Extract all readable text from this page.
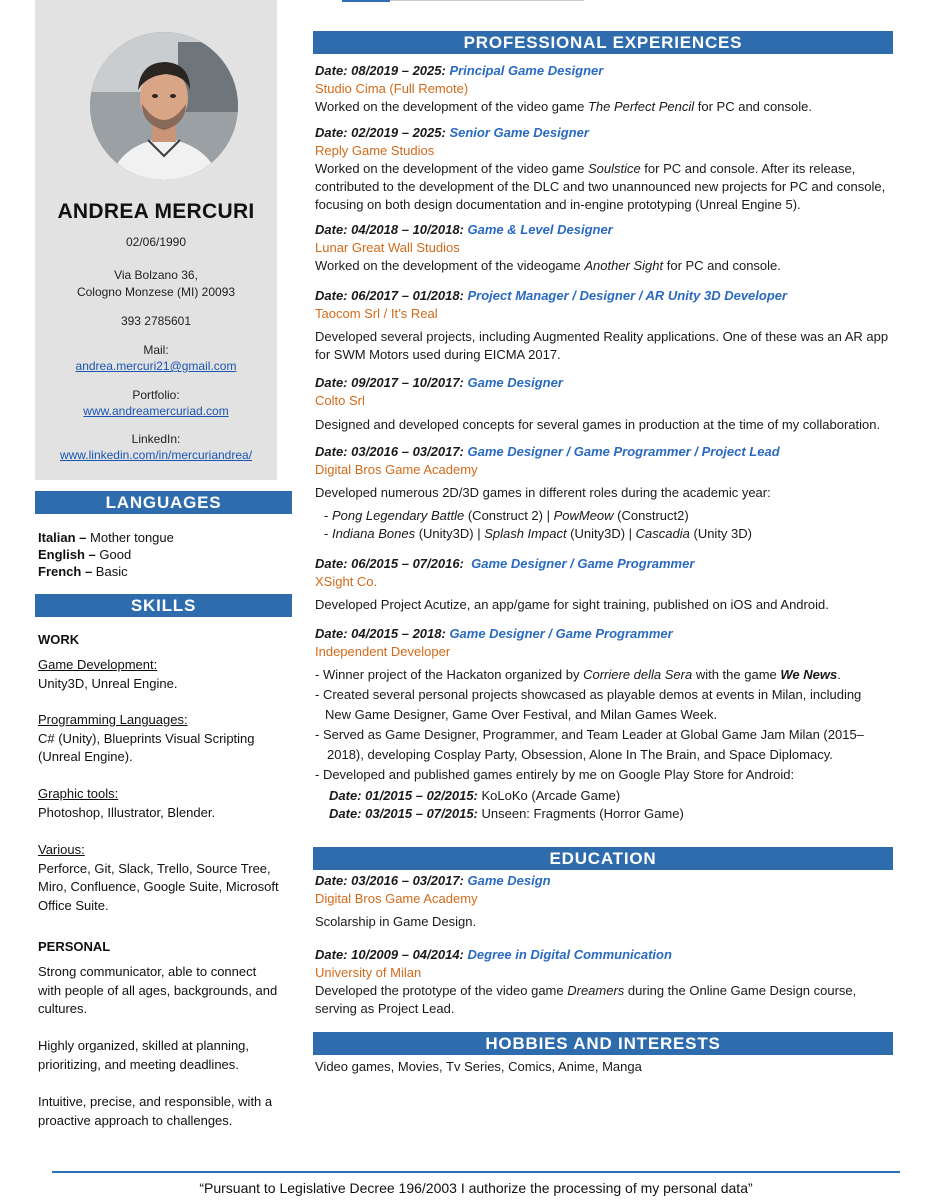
ANDREA MERCURI
02/06/1990
Via Bolzano 36,
Cologno Monzese (MI) 20093
393 2785601
Mail:
andrea.mercuri21@gmail.com
Portfolio:
www.andreamercuriad.com
LinkedIn:
www.linkedin.com/in/mercuriandrea/
LANGUAGES
Italian – Mother tongue
English – Good
French – Basic
SKILLS
WORK
Game Development:
Unity3D, Unreal Engine.
Programming Languages:
C# (Unity), Blueprints Visual Scripting (Unreal Engine).
Graphic tools:
Photoshop, Illustrator, Blender.
Various:
Perforce, Git, Slack, Trello, Source Tree, Miro, Confluence, Google Suite, Microsoft Office Suite.
PERSONAL
Strong communicator, able to connect with people of all ages, backgrounds, and cultures.
Highly organized, skilled at planning, prioritizing, and meeting deadlines.
Intuitive, precise, and responsible, with a proactive approach to challenges.
PROFESSIONAL EXPERIENCES
Date: 08/2019 – 2025: Principal Game Designer
Studio Cima (Full Remote)
Worked on the development of the video game The Perfect Pencil for PC and console.
Date: 02/2019 – 2025: Senior Game Designer
Reply Game Studios
Worked on the development of the video game Soulstice for PC and console. After its release, contributed to the development of the DLC and two unannounced new projects for PC and console, focusing on both design documentation and in-engine prototyping (Unreal Engine 5).
Date: 04/2018 – 10/2018: Game & Level Designer
Lunar Great Wall Studios
Worked on the development of the videogame Another Sight for PC and console.
Date: 06/2017 – 01/2018: Project Manager / Designer / AR Unity 3D Developer
Taocom Srl / It’s Real
Developed several projects, including Augmented Reality applications. One of these was an AR app for SWM Motors used during EICMA 2017.
Date: 09/2017 – 10/2017: Game Designer
Colto Srl
Designed and developed concepts for several games in production at the time of my collaboration.
Date: 03/2016 – 03/2017: Game Designer / Game Programmer / Project Lead
Digital Bros Game Academy
Developed numerous 2D/3D games in different roles during the academic year:
- Pong Legendary Battle (Construct 2) | PowMeow (Construct2)
- Indiana Bones (Unity3D) | Splash Impact (Unity3D) | Cascadia (Unity 3D)
Date: 06/2015 – 07/2016: Game Designer / Game Programmer
XSight Co.
Developed Project Acutize, an app/game for sight training, published on iOS and Android.
Date: 04/2015 – 2018: Game Designer / Game Programmer
Independent Developer
- Winner project of the Hackaton organized by Corriere della Sera with the game We News.
- Created several personal projects showcased as playable demos at events in Milan, including New Game Designer, Game Over Festival, and Milan Games Week.
- Served as Game Designer, Programmer, and Team Leader at Global Game Jam Milan (2015–2018), developing Cosplay Party, Obsession, Alone In The Brain, and Space Diplomacy.
- Developed and published games entirely by me on Google Play Store for Android:
Date: 01/2015 – 02/2015: KoLoKo (Arcade Game)
Date: 03/2015 – 07/2015: Unseen: Fragments (Horror Game)
EDUCATION
Date: 03/2016 – 03/2017: Game Design
Digital Bros Game Academy
Scolarship in Game Design.
Date: 10/2009 – 04/2014: Degree in Digital Communication
University of Milan
Developed the prototype of the video game Dreamers during the Online Game Design course, serving as Project Lead.
HOBBIES AND INTERESTS
Video games, Movies, Tv Series, Comics, Anime, Manga
“Pursuant to Legislative Decree 196/2003 I authorize the processing of my personal data”
